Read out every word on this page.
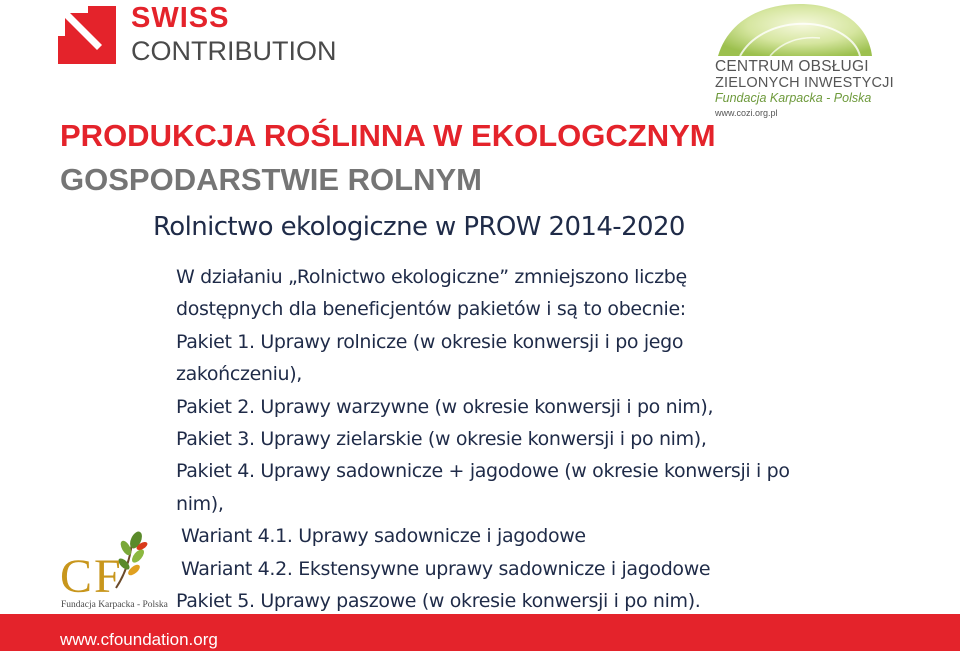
SWISS
CONTRIBUTION
CENTRUM OBSŁUGI
ZIELONYCH INWESTYCJI
Fundacja Karpacka - Polska
www.cozi.org.pl
PRODUKCJA ROŚLINNA W EKOLOGCZNYM
GOSPODARSTWIE ROLNYM
Rolnictwo ekologiczne w PROW 2014-2020
W działaniu „Rolnictwo ekologiczne” zmniejszono liczbę
dostępnych dla beneficjentów pakietów i są to obecnie:
Pakiet 1. Uprawy rolnicze (w okresie konwersji i po jego
zakończeniu),
Pakiet 2. Uprawy warzywne (w okresie konwersji i po nim),
Pakiet 3. Uprawy zielarskie (w okresie konwersji i po nim),
Pakiet 4. Uprawy sadownicze + jagodowe (w okresie konwersji i po
nim),
Wariant 4.1. Uprawy sadownicze i jagodowe
Wariant 4.2. Ekstensywne uprawy sadownicze i jagodowe
Pakiet 5. Uprawy paszowe (w okresie konwersji i po nim).
C F
Fundacja Karpacka - Polska
www.cfoundation.org
